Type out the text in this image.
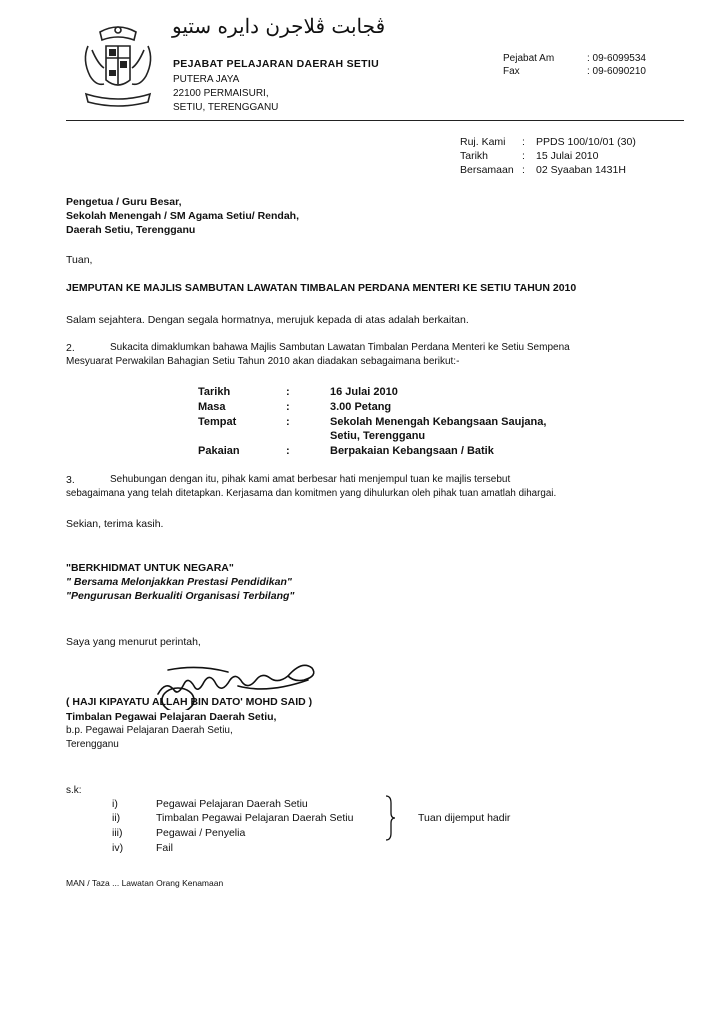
ڤجابت ڤلاجرن دايره ستيو
PEJABAT PELAJARAN DAERAH SETIU
PUTERA JAYA
22100 PERMAISURI,
SETIU, TERENGGANU
Pejabat Am	: 09-6099534
Fax	: 09-6090210
Ruj. Kami : PPDS 100/10/01 (30)
Tarikh	: 15 Julai 2010
Bersamaan : 02 Syaaban 1431H
Pengetua / Guru Besar,
Sekolah Menengah / SM Agama Setiu/ Rendah,
Daerah Setiu, Terengganu
Tuan,
JEMPUTAN KE MAJLIS SAMBUTAN LAWATAN TIMBALAN PERDANA MENTERI KE SETIU TAHUN 2010
Salam sejahtera. Dengan segala hormatnya, merujuk kepada di atas adalah berkaitan.
2.	Sukacita dimaklumkan bahawa Majlis Sambutan Lawatan Timbalan Perdana Menteri ke Setiu Sempena
Mesyuarat Perwakilan Bahagian Setiu Tahun 2010 akan diadakan sebagaimana berikut:-
Tarikh	:	16 Julai 2010
Masa	:	3.00 Petang
Tempat	:	Sekolah Menengah Kebangsaan Saujana,
Setiu, Terengganu
Pakaian	:	Berpakaian Kebangsaan / Batik
3.	Sehubungan dengan itu, pihak kami amat berbesar hati menjempul tuan ke majlis tersebut
sebagaimana yang telah ditetapkan. Kerjasama dan komitmen yang dihulurkan oleh pihak tuan amatlah dihargai.
Sekian, terima kasih.
"BERKHIDMAT UNTUK NEGARA"
" Bersama Melonjakkan Prestasi Pendidikan"
"Pengurusan Berkualiti Organisasi Terbilang"
Saya yang menurut perintah,
( HAJI KIPAYATU ALLAH BIN DATO' MOHD SAID )
Timbalan Pegawai Pelajaran Daerah Setiu,
b.p. Pegawai Pelajaran Daerah Setiu,
Terengganu
s.k:
i)	Pegawai Pelajaran Daerah Setiu
ii)	Timbalan Pegawai Pelajaran Daerah Setiu
iii)	Pegawai / Penyelia
iv)	Fail
Tuan dijemput hadir
MAN / Taza ... Lawatan Orang Kenamaan
